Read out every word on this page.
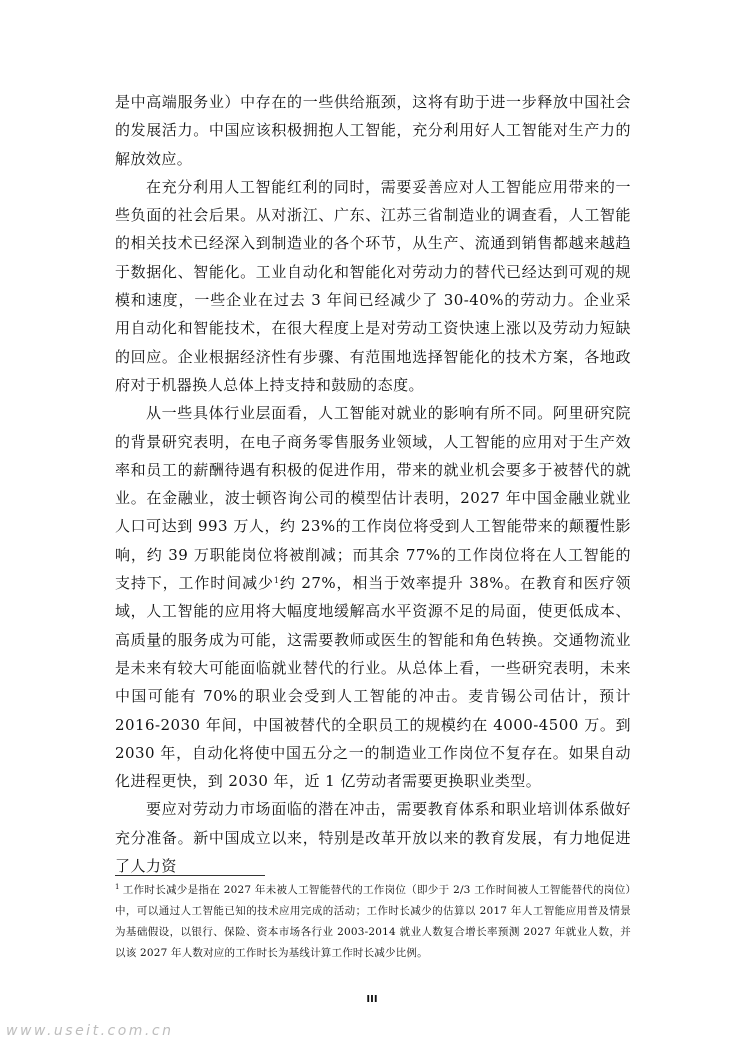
是中高端服务业）中存在的一些供给瓶颈，这将有助于进一步释放中国社会的发展活力。中国应该积极拥抱人工智能，充分利用好人工智能对生产力的解放效应。

在充分利用人工智能红利的同时，需要妥善应对人工智能应用带来的一些负面的社会后果。从对浙江、广东、江苏三省制造业的调查看，人工智能的相关技术已经深入到制造业的各个环节，从生产、流通到销售都越来越趋于数据化、智能化。工业自动化和智能化对劳动力的替代已经达到可观的规模和速度，一些企业在过去 3 年间已经减少了 30-40%的劳动力。企业采用自动化和智能技术，在很大程度上是对劳动工资快速上涨以及劳动力短缺的回应。企业根据经济性有步骤、有范围地选择智能化的技术方案，各地政府对于机器换人总体上持支持和鼓励的态度。

从一些具体行业层面看，人工智能对就业的影响有所不同。阿里研究院的背景研究表明，在电子商务零售服务业领域，人工智能的应用对于生产效率和员工的薪酬待遇有积极的促进作用，带来的就业机会要多于被替代的就业。在金融业，波士顿咨询公司的模型估计表明，2027 年中国金融业就业人口可达到 993 万人，约 23%的工作岗位将受到人工智能带来的颠覆性影响，约 39 万职能岗位将被削减；而其余 77%的工作岗位将在人工智能的支持下，工作时间减少$^1$约 27%，相当于效率提升 38%。在教育和医疗领域，人工智能的应用将大幅度地缓解高水平资源不足的局面，使更低成本、高质量的服务成为可能，这需要教师或医生的智能和角色转换。交通物流业是未来有较大可能面临就业替代的行业。从总体上看，一些研究表明，未来中国可能有 70%的职业会受到人工智能的冲击。麦肯锡公司估计，预计 2016-2030 年间，中国被替代的全职员工的规模约在 4000-4500 万。到 2030 年，自动化将使中国五分之一的制造业工作岗位不复存在。如果自动化进程更快，到 2030 年，近 1 亿劳动者需要更换职业类型。

要应对劳动力市场面临的潜在冲击，需要教育体系和职业培训体系做好充分准备。新中国成立以来，特别是改革开放以来的教育发展，有力地促进了人力资

$^1$ 工作时长减少是指在 2027 年未被人工智能替代的工作岗位（即少于 2/3 工作时间被人工智能替代的岗位）中，可以通过人工智能已知的技术应用完成的活动；工作时长减少的估算以 2017 年人工智能应用普及情景为基础假设，以银行、保险、资本市场各行业 2003-2014 就业人数复合增长率预测 2027 年就业人数，并以该 2027 年人数对应的工作时长为基线计算工作时长减少比例。

III
www.useit.com.cn
